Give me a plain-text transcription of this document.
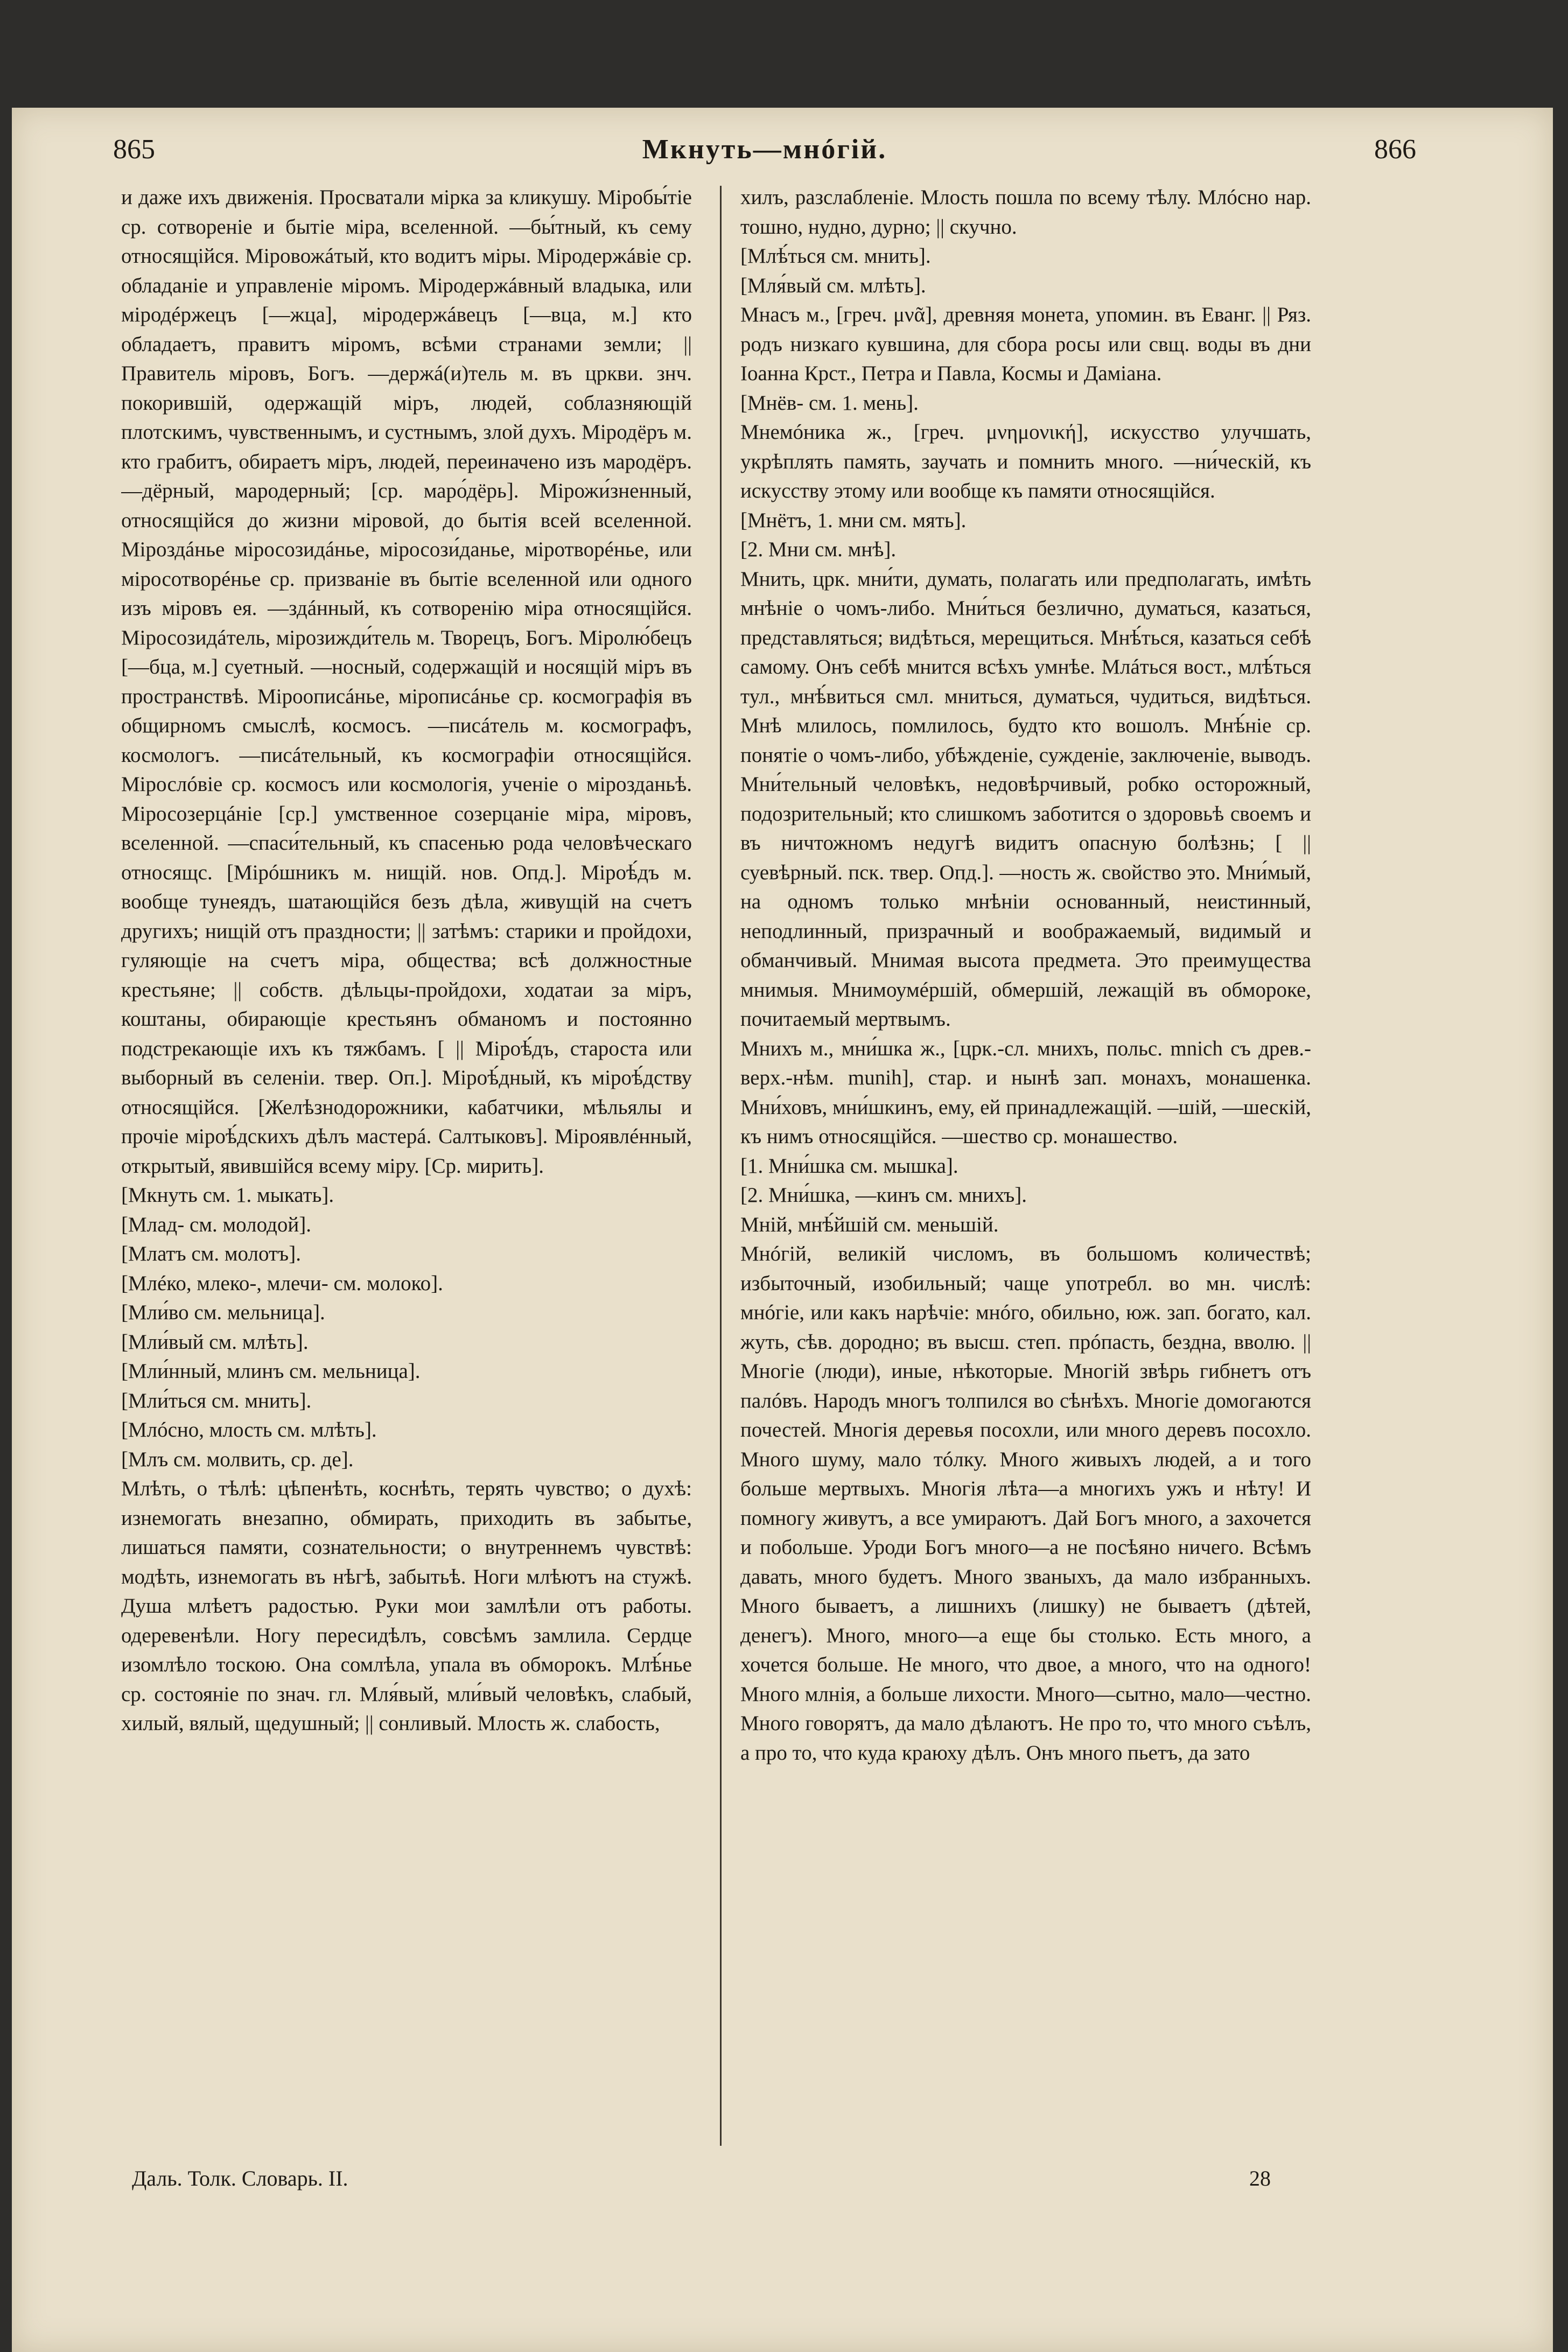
865	Мкнуть—мнóгiй.	866

и даже ихъ движенiя. Просватали мiрка за кликушу. Мiробы́тiе ср. сотворенiе и бытiе мiра, вселенной. —бы́тный, къ сему относящiйся. Мiровожáтый, кто водитъ мiры. Мiродержáвiе ср. обладанiе и управленiе мiромъ. Мiродержáвный владыка, или мiродéржецъ [—жца], мiродержáвецъ [—вца, м.] кто обладаетъ, правитъ мiромъ, всѣми странами земли; || Правитель мiровъ, Богъ. —держá(и)тель м. въ цркви. знч. покорившiй, одержащiй мiръ, людей, соблазняющiй плотскимъ, чувственнымъ, и сустнымъ, злой духъ. Мiродёръ м. кто грабитъ, обираетъ мiръ, людей, переиначено изъ мародёръ. —дёрный, мародерный; [ср. маро́дёрь]. Мiрожи́зненный, относящiйся до жизни мiровой, до бытiя всей вселенной. Мiроздáнье мiросозидáнье, мiросози́данье, мiротворéнье, или мiросотворéнье ср. призванiе въ бытiе вселенной или одного изъ мiровъ ея. —здáнный, къ сотворенiю мiра относящiйся. Мiросозидáтель, мiрозижди́тель м. Творецъ, Богъ. Мiролю́бецъ [—бца, м.] суетный. —носный, содержащiй и носящiй мiръ въ пространствѣ. Мiроописáнье, мiрописáнье ср. космографiя въ общирномъ смыслѣ, космосъ. —писáтель м. космографъ, космологъ. —писáтельный, къ космографiи относящiйся. Мiрослóвiе ср. космосъ или космологiя, ученiе о мiрозданьѣ. Мiросозерцáнiе [ср.] умственное созерцанiе мiра, мiровъ, вселенной. —спаси́тельный, къ спасенью рода человѣческаго относящс. [Мiрóшникъ м. нищiй. нов. Опд.]. Мiроѣ́дъ м. вообще тунеядъ, шатающiйся безъ дѣла, живущiй на счетъ другихъ; нищiй отъ праздности; || затѣмъ: старики и пройдохи, гуляющiе на счетъ мiра, общества; всѣ должностные крестьяне; || собств. дѣльцы-пройдохи, ходатаи за мiръ, коштаны, обирающiе крестьянъ обманомъ и постоянно подстрекающiе ихъ къ тяжбамъ. [ || Мiроѣ́дъ, староста или выборный въ селенiи. твер. Оп.]. Мiроѣ́дный, къ мiроѣ́дству относящiйся. [Желѣзнодорожники, кабатчики, мѣльялы и прочiе мiроѣ́дскихъ дѣлъ мастерá. Салтыковъ]. Мiроявлéнный, открытый, явившiйся всему мiру. [Ср. мирить].

[Мкнуть см. 1. мыкать].

[Млад- см. молодой].

[Млатъ см. молотъ].

[Млéко, млеко-, млечи- см. молоко].

[Мли́во см. мельница].

[Мли́вый см. млѣть].

[Мли́нный, млинъ см. мельница].

[Мли́ться см. мнить].

[Млóсно, млость см. млѣть].

[Млъ см. молвить, ср. де].

Млѣть, о тѣлѣ: цѣпенѣть, коснѣть, терять чувство; о духѣ: изнемогать внезапно, обмирать, приходить въ забытье, лишаться памяти, сознательности; о внутреннемъ чувствѣ: модѣть, изнемогать въ нѣгѣ, забытьѣ. Ноги млѣютъ на стужѣ. Душа млѣетъ радостью. Руки мои замлѣли отъ работы. одеревенѣли. Ногу пересидѣлъ, совсѣмъ замлила. Сердце изомлѣло тоскою. Она сомлѣла, упала въ обморокъ. Млѣ́нье ср. состоянiе по знач. гл. Мля́вый, мли́вый человѣкъ, слабый, хилый, вялый, щедушный; || сонливый. Млость ж. слабость,

хилъ, разслабленiе. Млость пошла по всему тѣлу. Млóсно нар. тошно, нудно, дурно; || скучно.

[Млѣ́ться см. мнить].

[Мля́вый см. млѣть].

Мнасъ м., [греч. μνᾶ], древняя монета, упомин. въ Еванг. || Ряз. родъ низкаго кувшина, для сбора росы или свщ. воды въ дни Iоанна Крст., Петра и Павла, Космы и Дамiана.

[Мнёв- см. 1. мень].

Мнемóника ж., [греч. μνημονική], искусство улучшать, укрѣплять память, заучать и помнить много. —ни́ческiй, къ искусству этому или вообще къ памяти относящiйся.

[Мнётъ, 1. мни см. мять].

[2. Мни см. мнѣ].

Мнить, црк. мни́ти, думать, полагать или предполагать, имѣть мнѣнiе о чомъ-либо. Мни́ться безлично, думаться, казаться, представляться; видѣться, мерещиться. Мнѣ́ться, казаться себѣ самому. Онъ себѣ мнится всѣхъ умнѣе. Млáться вост., млѣ́ться тул., мнѣ́виться смл. мниться, думаться, чудиться, видѣться. Мнѣ млилось, помлилось, будто кто вошолъ. Мнѣ́нiе ср. понятiе о чомъ-либо, убѣжденiе, сужденiе, заключенiе, выводъ. Мни́тельный человѣкъ, недовѣрчивый, робко осторожный, подозрительный; кто слишкомъ заботится о здоровьѣ своемъ и въ ничтожномъ недугѣ видитъ опасную болѣзнь; [ || суевѣрный. пск. твер. Опд.]. —ность ж. свойство это. Мни́мый, на одномъ только мнѣнiи основанный, неистинный, неподлинный, призрачный и воображаемый, видимый и обманчивый. Мнимая высота предмета. Это преимущества мнимыя. Мнимоумéршiй, обмершiй, лежащiй въ обмороке, почитаемый мертвымъ.

Мнихъ м., мни́шка ж., [црк.-сл. мнихъ, польс. mnich съ древ.-верх.-нѣм. munih], стар. и нынѣ зап. монахъ, монашенка. Мни́ховъ, мни́шкинъ, ему, ей принадлежащiй. —шiй, —шескiй, къ нимъ относящiйся. —шество ср. монашество.

[1. Мни́шка см. мышка].

[2. Мни́шка, —кинъ см. мнихъ].

Мнiй, мнѣ́йшiй см. меньшiй.

Мнóгiй, великiй числомъ, въ большомъ количествѣ; избыточный, изобильный; чаще употребл. во мн. числѣ: мнóгiе, или какъ нарѣчiе: мнóго, обильно, юж. зап. богато, кал. жуть, сѣв. дородно; въ высш. степ. прóпасть, бездна, вволю. || Многiе (люди), иные, нѣкоторые. Многiй звѣрь гибнетъ отъ палóвъ. Народъ многъ толпился во сѣнѣхъ. Многiе домогаются почестей. Многiя деревья посохли, или много деревъ посохло. Много шуму, мало тóлку. Много живыхъ людей, а и того больше мертвыхъ. Многiя лѣта—а многихъ ужъ и нѣту! И помногу живутъ, а все умираютъ. Дай Богъ много, а захочется и побольше. Уроди Богъ много—а не посѣяно ничего. Всѣмъ давать, много будетъ. Много званыхъ, да мало избранныхъ. Много бываетъ, а лишнихъ (лишку) не бываетъ (дѣтей, денегъ). Много, много—а еще бы столько. Есть много, а хочется больше. Не много, что двое, а много, что на одного! Много млнiя, а больше лихости. Много—сытно, мало—честно. Много говорятъ, да мало дѣлаютъ. Не про то, что много съѣлъ, а про то, что куда краюху дѣлъ. Онъ много пьетъ, да зато

Даль. Толк. Словарь. II.	28
